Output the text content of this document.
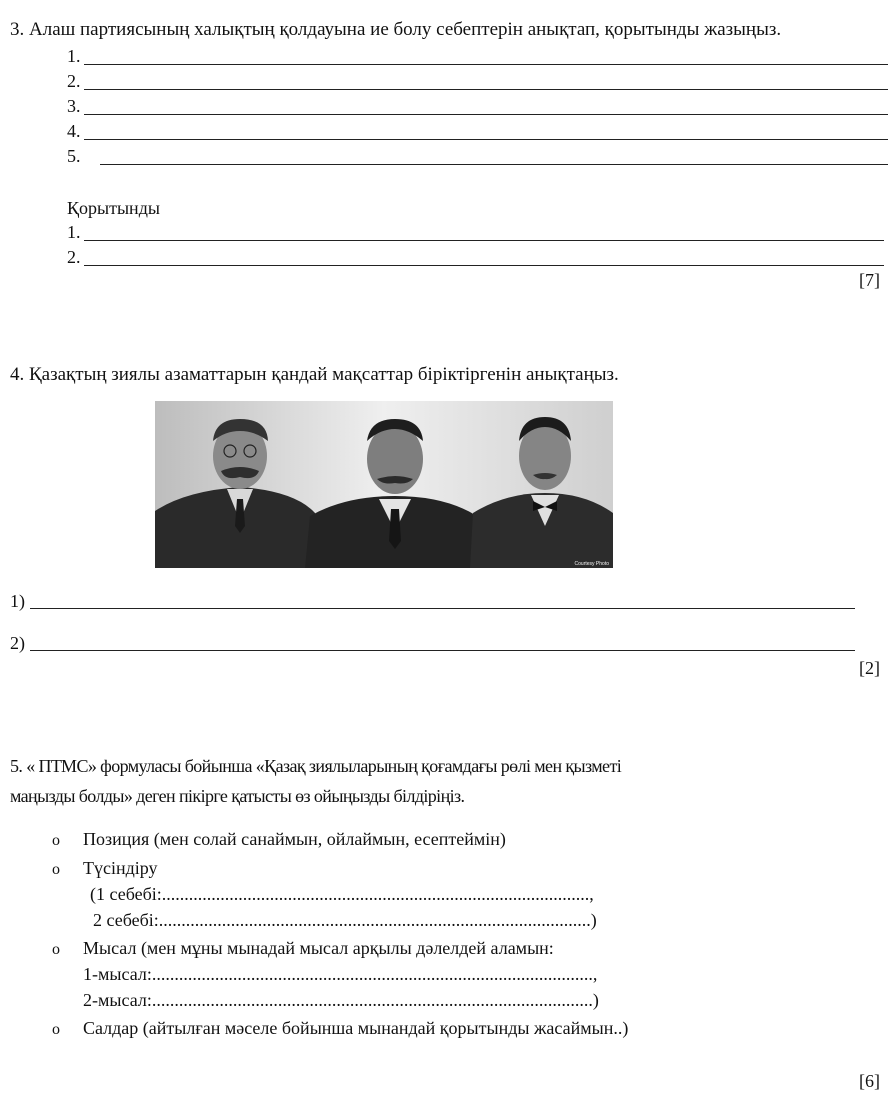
3. Алаш партиясының халықтың қолдауына ие болу себептерін анықтап, қорытынды жазыңыз.
1.
2.
3.
4.
5.
Қорытынды
1.
2.
[7]
4. Қазақтың зиялы азаматтарын қандай мақсаттар біріктіргенін анықтаңыз.
Courtesy Photo
1)
2)
[2]
5. « ПТМС» формуласы бойынша «Қазақ зиялыларының қоғамдағы рөлі мен қызметі
маңызды болды» деген пікірге қатысты өз ойыңызды білдіріңіз.
o Позиция (мен солай санаймын, ойлаймын, есептеймін)
o Түсіндіру
(1 себебі:...............................................................................................,
2 себебі:................................................................................................)
o Мысал (мен мұны мынадай мысал арқылы дәлелдей аламын:
1-мысал:..................................................................................................,
2-мысал:..................................................................................................)
o Салдар (айтылған мәселе бойынша мынандай қорытынды жасаймын..)
[6]
